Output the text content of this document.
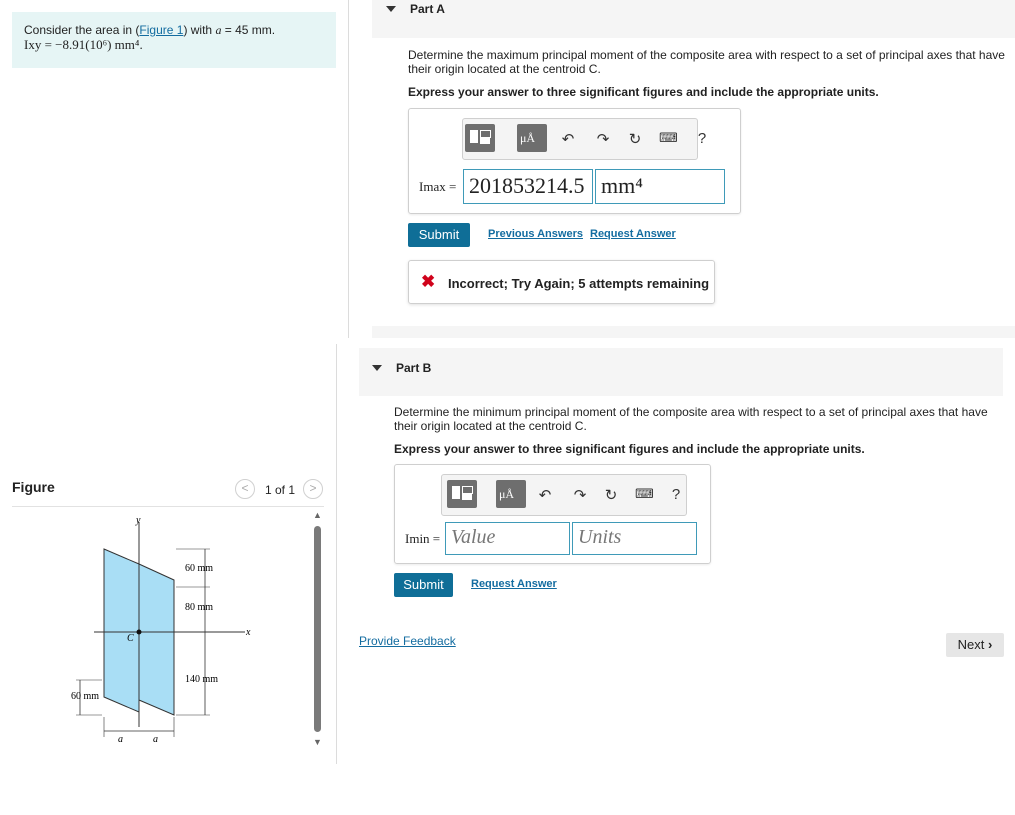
Consider the area in (Figure 1) with a = 45 mm.
Ixy = −8.91(10⁶) mm⁴.
Part A
Determine the maximum principal moment of the composite area with respect to a set of principal axes that have their origin located at the centroid C.
Express your answer to three significant figures and include the appropriate units.
μÅ ↶ ↷ ↻ ⌨	?
Imax = 201853214.5 mm⁴
Submit	Previous Answers Request Answer
✖ Incorrect; Try Again; 5 attempts remaining
Part B
Determine the minimum principal moment of the composite area with respect to a set of principal axes that have their origin located at the centroid C.
Express your answer to three significant figures and include the appropriate units.
μÅ ↶ ↷ ↻ ⌨	?
Imin = Value	Units
Submit	Request Answer
Provide Feedback	Next ›
Figure	<	1 of 1	>
▲
▼
y
x
C
60 mm
80 mm
140 mm
60 mm
a	a
